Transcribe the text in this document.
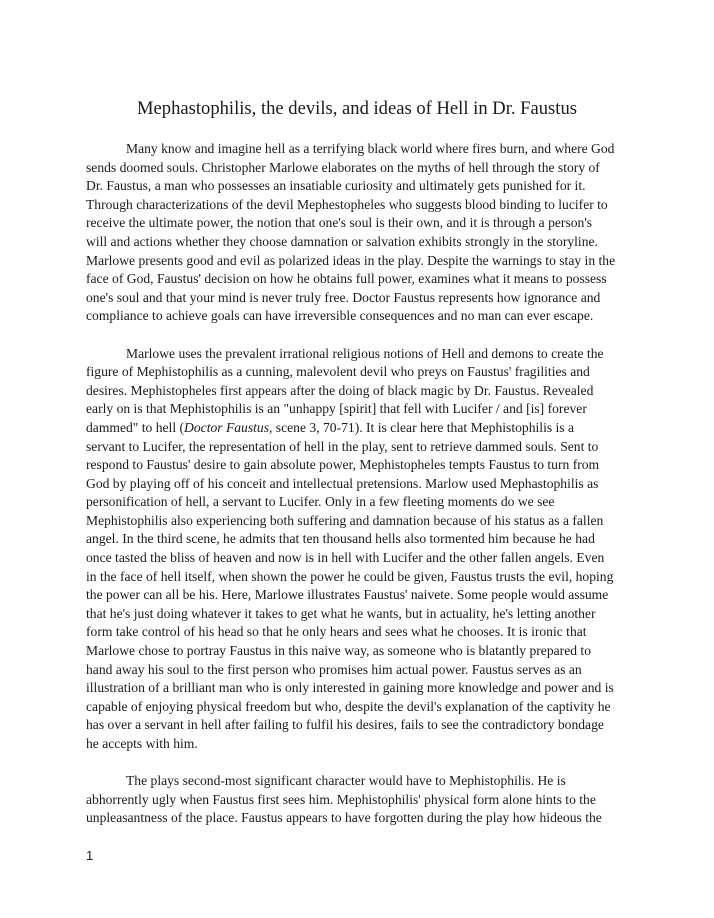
Mephastophilis, the devils, and ideas of Hell in Dr. Faustus

Many know and imagine hell as a terrifying black world where fires burn, and where God
sends doomed souls. Christopher Marlowe elaborates on the myths of hell through the story of
Dr. Faustus, a man who possesses an insatiable curiosity and ultimately gets punished for it.
Through characterizations of the devil Mephestopheles who suggests blood binding to lucifer to
receive the ultimate power, the notion that one's soul is their own, and it is through a person's
will and actions whether they choose damnation or salvation exhibits strongly in the storyline.
Marlowe presents good and evil as polarized ideas in the play. Despite the warnings to stay in the
face of God, Faustus' decision on how he obtains full power, examines what it means to possess
one's soul and that your mind is never truly free. Doctor Faustus represents how ignorance and
compliance to achieve goals can have irreversible consequences and no man can ever escape.

Marlowe uses the prevalent irrational religious notions of Hell and demons to create the
figure of Mephistophilis as a cunning, malevolent devil who preys on Faustus' fragilities and
desires. Mephistopheles first appears after the doing of black magic by Dr. Faustus. Revealed
early on is that Mephistophilis is an "unhappy [spirit] that fell with Lucifer / and [is] forever
dammed" to hell (Doctor Faustus, scene 3, 70-71). It is clear here that Mephistophilis is a
servant to Lucifer, the representation of hell in the play, sent to retrieve dammed souls. Sent to
respond to Faustus' desire to gain absolute power, Mephistopheles tempts Faustus to turn from
God by playing off of his conceit and intellectual pretensions. Marlow used Mephastophilis as
personification of hell, a servant to Lucifer. Only in a few fleeting moments do we see
Mephistophilis also experiencing both suffering and damnation because of his status as a fallen
angel. In the third scene, he admits that ten thousand hells also tormented him because he had
once tasted the bliss of heaven and now is in hell with Lucifer and the other fallen angels. Even
in the face of hell itself, when shown the power he could be given, Faustus trusts the evil, hoping
the power can all be his. Here, Marlowe illustrates Faustus' naivete. Some people would assume
that he's just doing whatever it takes to get what he wants, but in actuality, he's letting another
form take control of his head so that he only hears and sees what he chooses. It is ironic that
Marlowe chose to portray Faustus in this naive way, as someone who is blatantly prepared to
hand away his soul to the first person who promises him actual power. Faustus serves as an
illustration of a brilliant man who is only interested in gaining more knowledge and power and is
capable of enjoying physical freedom but who, despite the devil's explanation of the captivity he
has over a servant in hell after failing to fulfil his desires, fails to see the contradictory bondage
he accepts with him.

The plays second-most significant character would have to Mephistophilis. He is
abhorrently ugly when Faustus first sees him. Mephistophilis' physical form alone hints to the
unpleasantness of the place. Faustus appears to have forgotten during the play how hideous the

1
